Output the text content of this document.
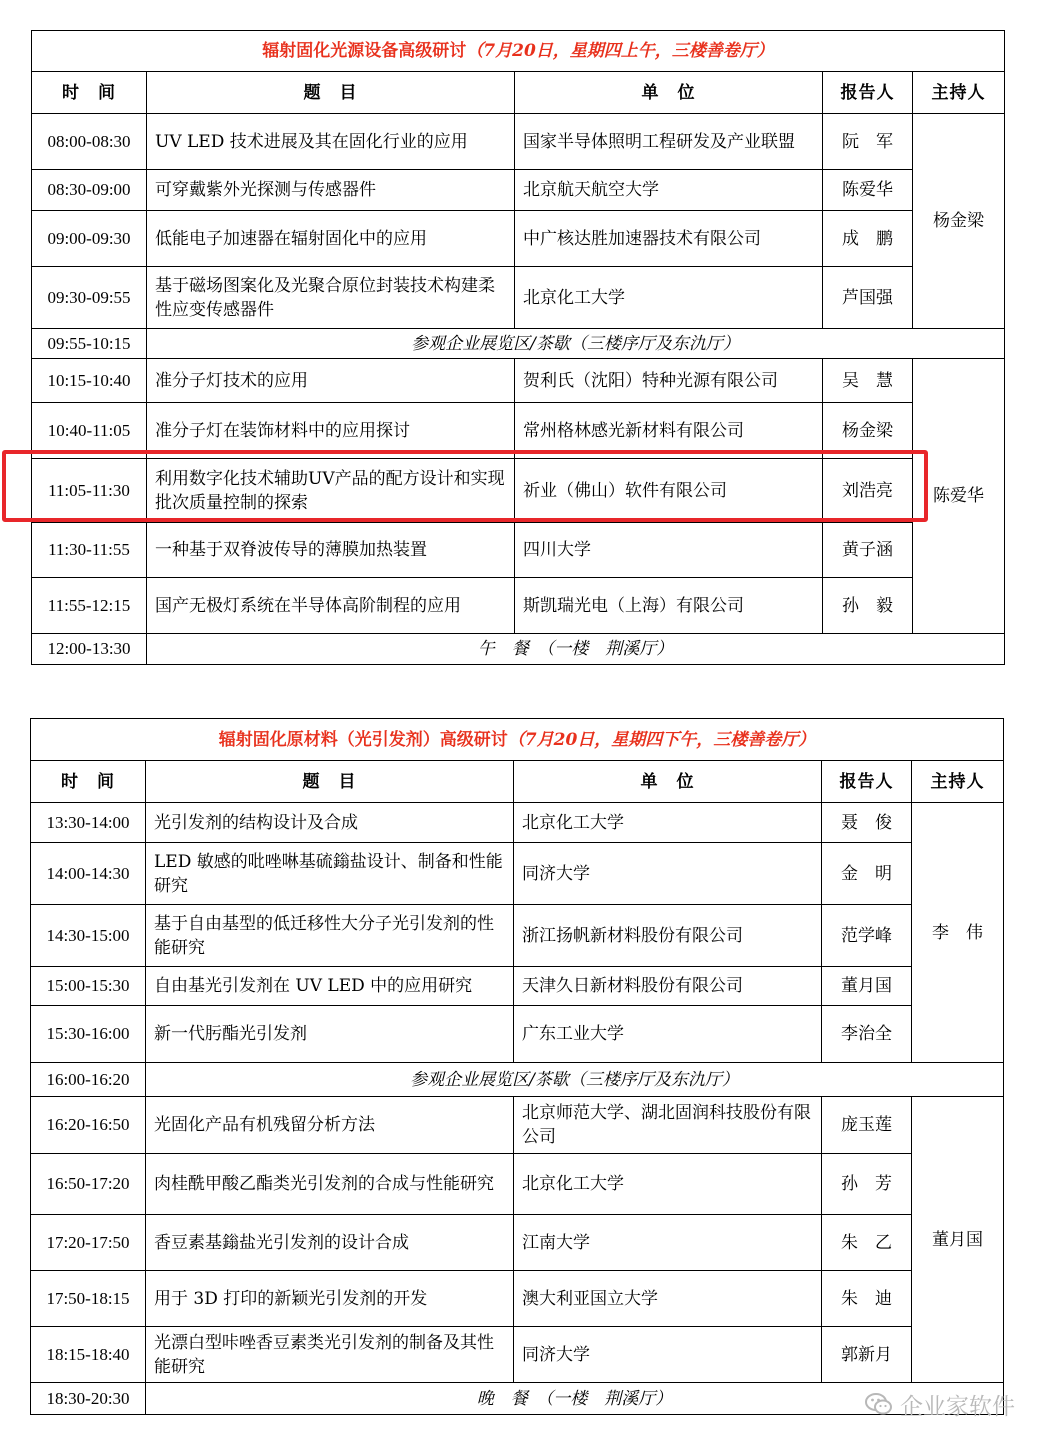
辐射固化光源设备高级研讨（7月20日，星期四上午，三楼善卷厅）				
时　间	题　目	单　位	报告人	主持人
08:00-08:30	UV LED 技术进展及其在固化行业的应用	国家半导体照明工程研发及产业联盟	阮　军	杨金梁
08:30-09:00	可穿戴紫外光探测与传感器件	北京航天航空大学	陈爱华	
09:00-09:30	低能电子加速器在辐射固化中的应用	中广核达胜加速器技术有限公司	成　鹏	
09:30-09:55	基于磁场图案化及光聚合原位封装技术构建柔性应变传感器件	北京化工大学	芦国强	
09:55-10:15	参观企业展览区/茶歇（三楼序厅及东氿厅）			
10:15-10:40	准分子灯技术的应用	贺利氏（沈阳）特种光源有限公司	吴　慧	陈爱华
10:40-11:05	准分子灯在装饰材料中的应用探讨	常州格林感光新材料有限公司	杨金梁	
11:05-11:30	利用数字化技术辅助UV产品的配方设计和实现批次质量控制的探索	祈业（佛山）软件有限公司	刘浩亮	
11:30-11:55	一种基于双脊波传导的薄膜加热装置	四川大学	黄子涵	
11:55-12:15	国产无极灯系统在半导体高阶制程的应用	斯凯瑞光电（上海）有限公司	孙　毅	
12:00-13:30	午　餐　（一楼　荆溪厅）			
辐射固化原材料（光引发剂）高级研讨（7月20日，星期四下午，三楼善卷厅）				
时　间	题　目	单　位	报告人	主持人
13:30-14:00	光引发剂的结构设计及合成	北京化工大学	聂　俊	李　伟
14:00-14:30	LED 敏感的吡唑啉基硫鎓盐设计、制备和性能研究	同济大学	金　明	
14:30-15:00	基于自由基型的低迁移性大分子光引发剂的性能研究	浙江扬帆新材料股份有限公司	范学峰	
15:00-15:30	自由基光引发剂在 UV LED 中的应用研究	天津久日新材料股份有限公司	董月国	
15:30-16:00	新一代肟酯光引发剂	广东工业大学	李治全	
16:00-16:20	参观企业展览区/茶歇（三楼序厅及东氿厅）			
16:20-16:50	光固化产品有机残留分析方法	北京师范大学、湖北固润科技股份有限公司	庞玉莲	董月国
16:50-17:20	肉桂酰甲酸乙酯类光引发剂的合成与性能研究	北京化工大学	孙　芳	
17:20-17:50	香豆素基鎓盐光引发剂的设计合成	江南大学	朱　乙	
17:50-18:15	用于 3D 打印的新颖光引发剂的开发	澳大利亚国立大学	朱　迪	
18:15-18:40	光漂白型咔唑香豆素类光引发剂的制备及其性能研究	同济大学	郭新月	
18:30-20:30	晚　餐　（一楼　荆溪厅）				企业家软件
